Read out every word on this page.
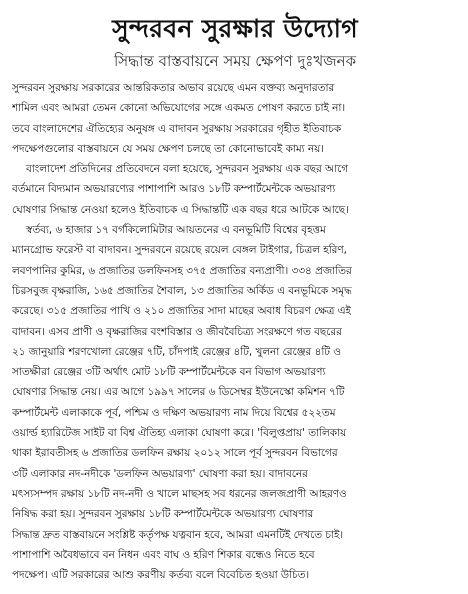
সুন্দরবন সুরক্ষার উদ্যোগ
সিদ্ধান্ত বাস্তবায়নে সময় ক্ষেপণ দুঃখজনক
সুন্দরবন সুরক্ষায় সরকারের আন্তরিকতার অভাব রয়েছে এমন বক্তব্য অনুদারতার
শামিল এবং আমরা তেমন কোনো অভিযোগের সঙ্গে একমত পোষণ করতে চাই না।
তবে বাংলাদেশের ঐতিহ্যের অনুষঙ্গ এ বাদাবন সুরক্ষায় সরকারের গৃহীত ইতিবাচক
পদক্ষেপগুলোর বাস্তবায়নে যে সময় ক্ষেপণ চলছে তা কোনোভাবেই কাম্য নয়।
বাংলাদেশ প্রতিদিনের প্রতিবেদনে বলা হয়েছে, সুন্দরবন সুরক্ষায় এক বছর আগে
বর্তমানে বিদ্যমান অভয়ারণ্যের পাশাপাশি আরও ১৮টি কম্পার্টমেন্টকে অভয়ারণ্য
ঘোষণার সিদ্ধান্ত নেওয়া হলেও ইতিবাচক এ সিদ্ধান্তটি এক বছর ধরে আটকে আছে।
স্বর্তব্য, ৬ হাজার ১৭ বর্গকিলোমিটার আয়তনের এ বনভূমিটি বিশ্বের বৃহত্তম
ম্যানগ্রোভ ফরেস্ট বা বাদাবন। সুন্দরবনে রয়েছে রয়েল বেঙ্গল টাইগার, চিত্রল হরিণ,
লবণপানির কুমির, ৬ প্রজাতির ডলফিনসহ ৩৭৫ প্রজাতির বন্যপ্রাণী। ৩৩৪ প্রজাতির
চিরসবুজ বৃক্ষরাজি, ১৬৫ প্রজাতির শৈবাল, ১৩ প্রজাতির অর্কিড এ বনভূমিকে সমৃদ্ধ
করেছে। ৩১৫ প্রজাতির পাখি ও ২১০ প্রজাতির সাদা মাছের অবাধ বিচরণ ক্ষেত্র এই
বাদাবন। এসব প্রাণী ও বৃক্ষরাজির বংশবিস্তার ও জীববৈচিত্র্য সংরক্ষণে গত বছরের
২১ জানুয়ারি শরণখোলা রেঞ্জের ৭টি, চাঁদপাই রেঞ্জের ৪টি, খুলনা রেঞ্জের ৪টি ও
সাতক্ষীরা রেঞ্জের ৩টি অর্থাৎ মোট ১৮টি কম্পার্টমেন্টকে বন বিভাগ অভয়ারণ্য
ঘোষণার সিদ্ধান্ত নেয়। এর আগে ১৯৯৭ সালের ৬ ডিসেম্বর ইউনেস্কো কমিশন ৭টি
কম্পার্টমেন্ট এলাকাকে পূর্ব, পশ্চিম ও দক্ষিণ অভয়ারণ্য নাম দিয়ে বিশ্বের ৫২২তম
ওয়ার্ল্ড হ্যারিটেজ সাইট বা বিশ্ব ঐতিহ্য এলাকা ঘোষণা করে। 'বিলুপ্তপ্রায়' তালিকায়
থাকা ইরাবতীসহ ৬ প্রজাতির ডলফিন রক্ষায় ২০১২ সালে পূর্ব সুন্দরবন বিভাগের
৩টি এলাকার নদ-নদীকে 'ডলফিন অভয়ারণ্য' ঘোষণা করা হয়। বাদাবনের
মৎস্যসম্পদ রক্ষায় ১৮টি নদ-নদী ও খালে মাছসহ সব ধরনের জলজপ্রাণী আহরণও
নিষিদ্ধ করা হয়। সুন্দরবন সুরক্ষায় ১৮টি কম্পার্টমেন্টকে অভয়ারণ্য ঘোষণার
সিদ্ধান্ত দ্রুত বাস্তবায়নে সংশ্লিষ্ট কর্তৃপক্ষ যত্নবান হবে, আমরা এমনটিই দেখতে চাই।
পাশাপাশি অবৈধভাবে বন নিধন এবং বাঘ ও হরিণ শিকার বন্ধেও নিতে হবে
পদক্ষেপ। এটি সরকারের আশু করণীয় কর্তব্য বলে বিবেচিত হওয়া উচিত।
